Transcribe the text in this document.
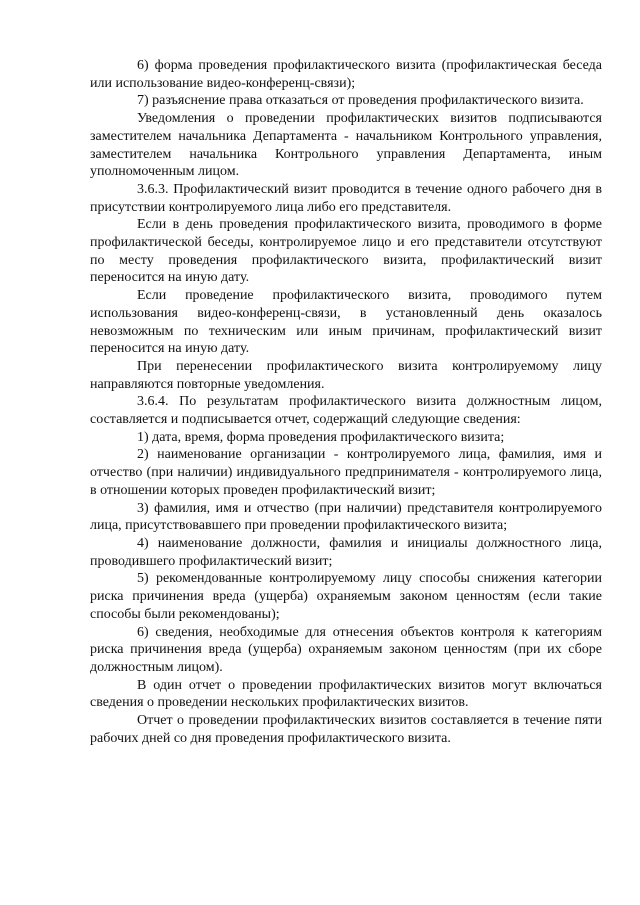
6) форма проведения профилактического визита (профилактическая беседа или использование видео-конференц-связи);

7) разъяснение права отказаться от проведения профилактического визита.

Уведомления о проведении профилактических визитов подписываются заместителем начальника Департамента - начальником Контрольного управления, заместителем начальника Контрольного управления Департамента, иным уполномоченным лицом.

3.6.3. Профилактический визит проводится в течение одного рабочего дня в присутствии контролируемого лица либо его представителя.

Если в день проведения профилактического визита, проводимого в форме профилактической беседы, контролируемое лицо и его представители отсутствуют по месту проведения профилактического визита, профилактический визит переносится на иную дату.

Если проведение профилактического визита, проводимого путем использования видео-конференц-связи, в установленный день оказалось невозможным по техническим или иным причинам, профилактический визит переносится на иную дату.

При перенесении профилактического визита контролируемому лицу направляются повторные уведомления.

3.6.4. По результатам профилактического визита должностным лицом, составляется и подписывается отчет, содержащий следующие сведения:

1) дата, время, форма проведения профилактического визита;

2) наименование организации - контролируемого лица, фамилия, имя и отчество (при наличии) индивидуального предпринимателя - контролируемого лица, в отношении которых проведен профилактический визит;

3) фамилия, имя и отчество (при наличии) представителя контролируемого лица, присутствовавшего при проведении профилактического визита;

4) наименование должности, фамилия и инициалы должностного лица, проводившего профилактический визит;

5) рекомендованные контролируемому лицу способы снижения категории риска причинения вреда (ущерба) охраняемым законом ценностям (если такие способы были рекомендованы);

6) сведения, необходимые для отнесения объектов контроля к категориям риска причинения вреда (ущерба) охраняемым законом ценностям (при их сборе должностным лицом).

В один отчет о проведении профилактических визитов могут включаться сведения о проведении нескольких профилактических визитов.

Отчет о проведении профилактических визитов составляется в течение пяти рабочих дней со дня проведения профилактического визита.
